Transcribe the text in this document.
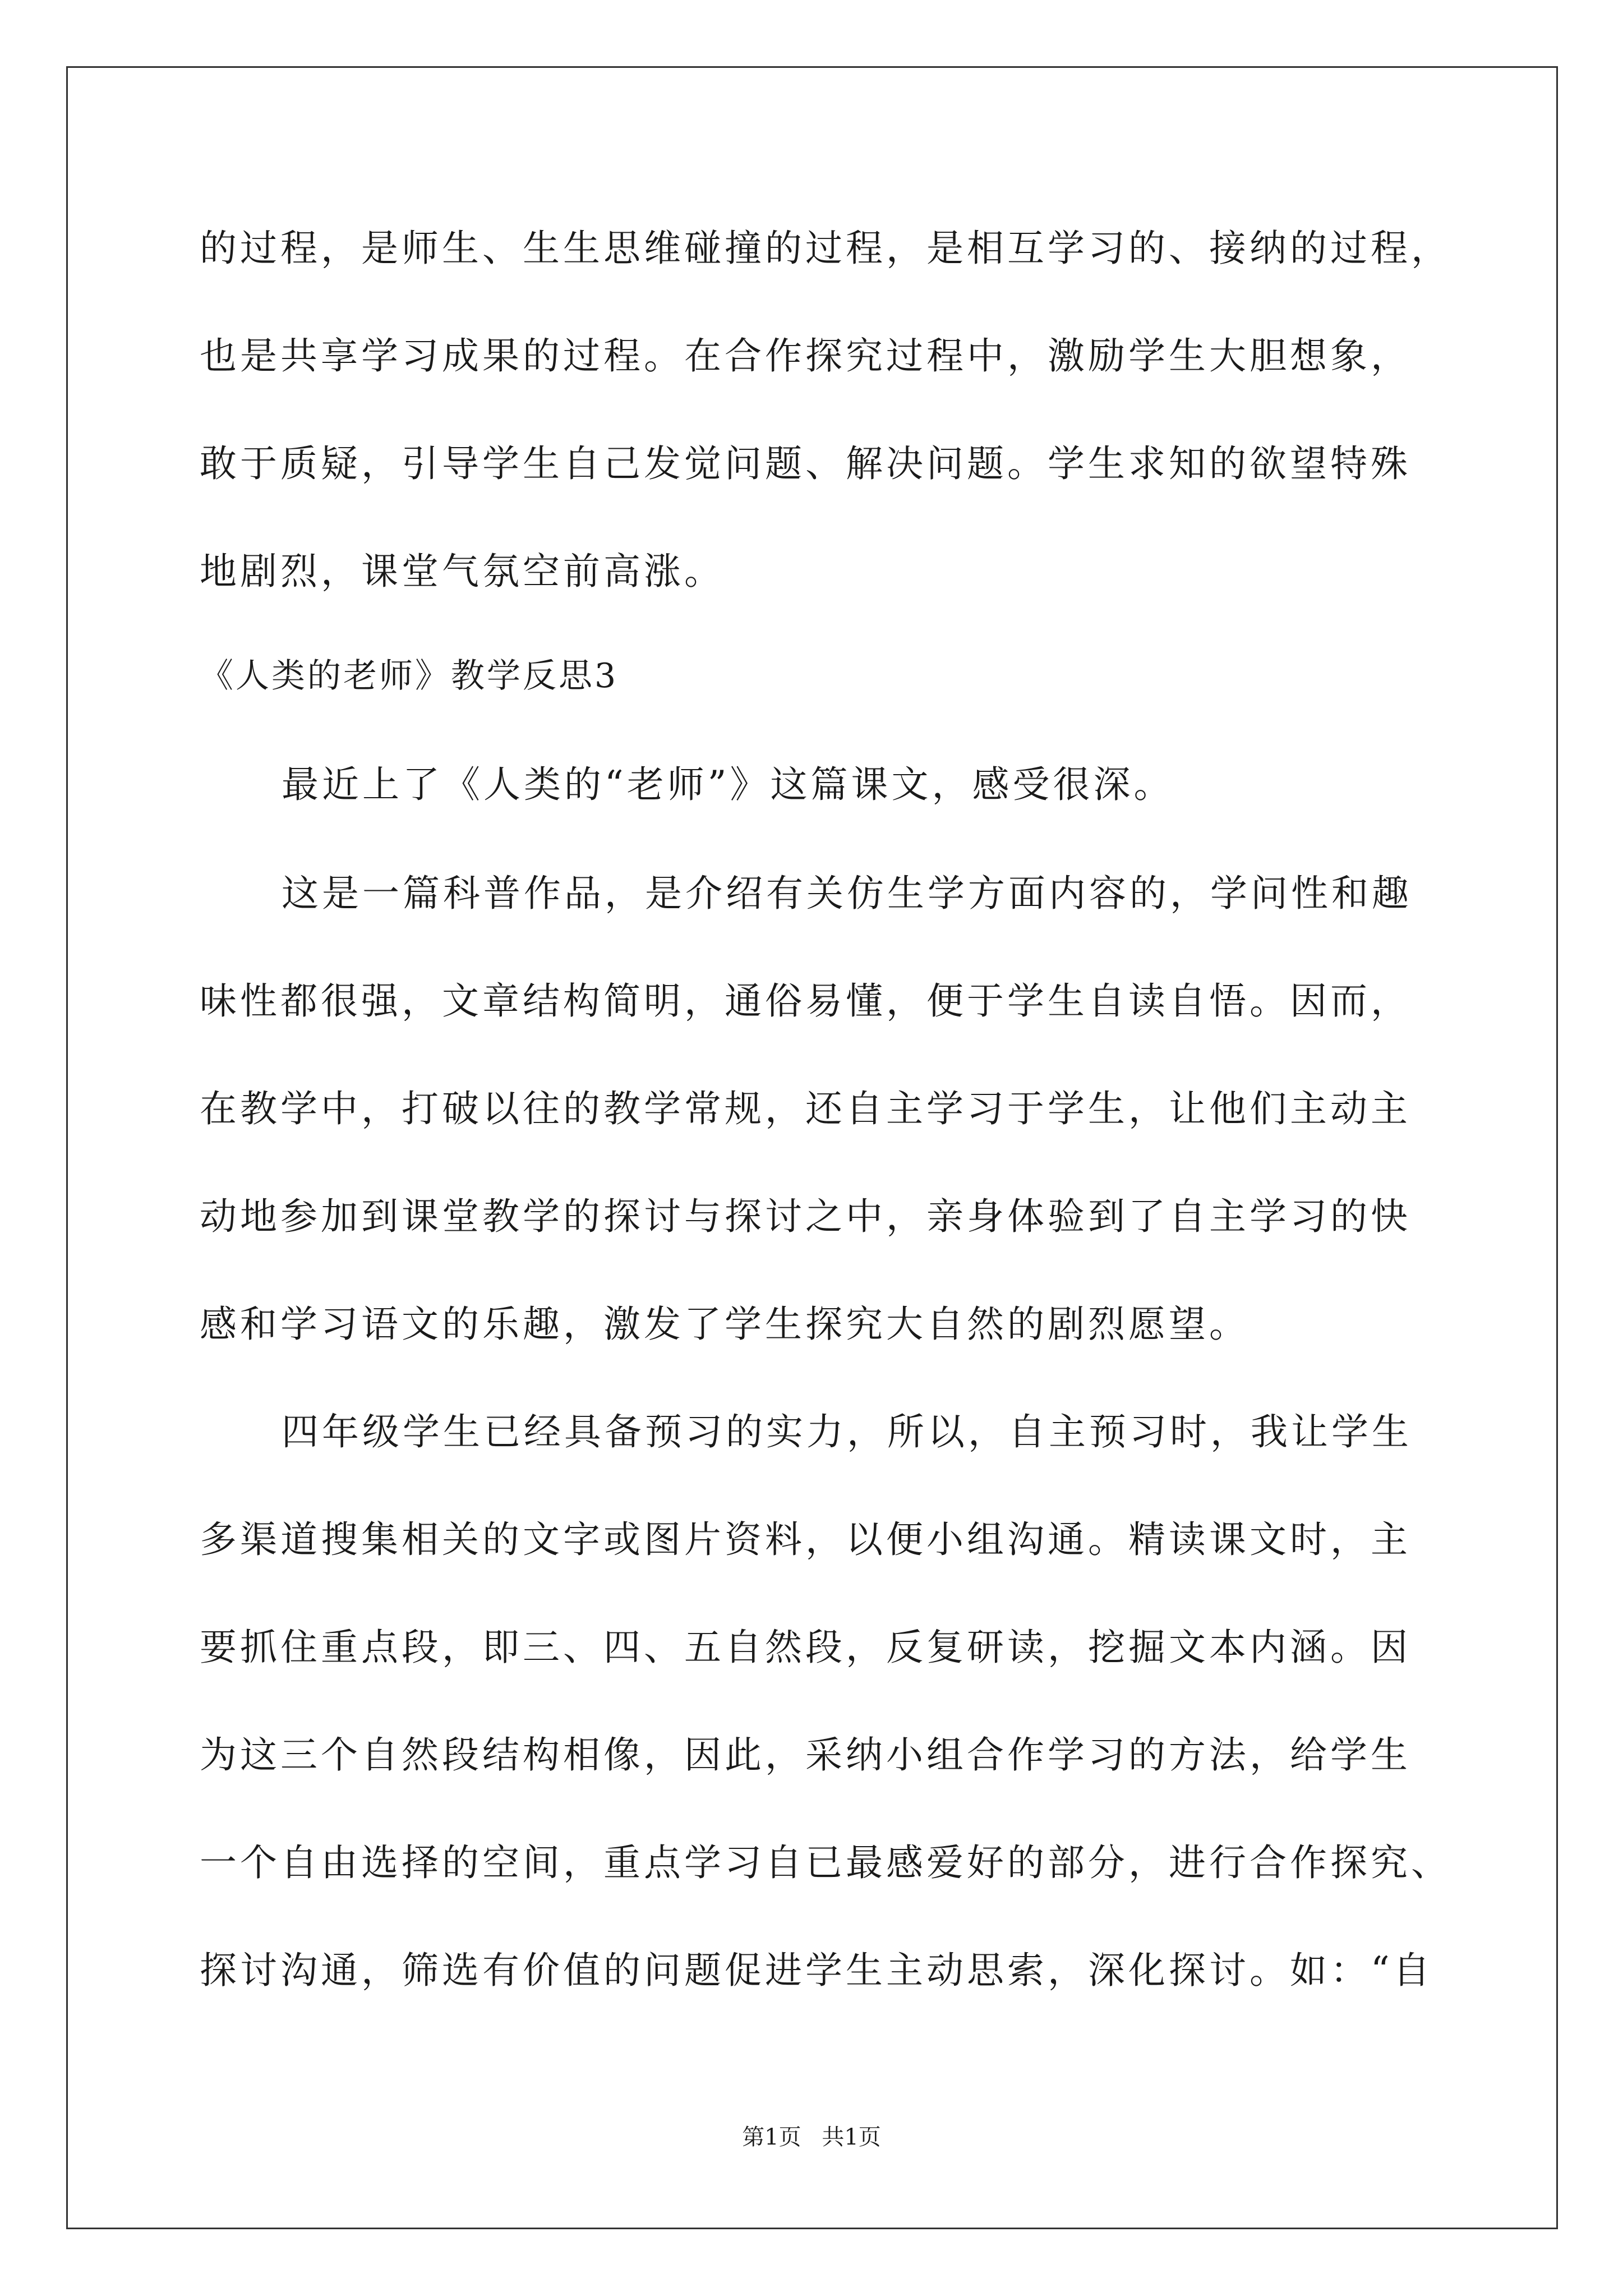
的过程，是师生、生生思维碰撞的过程，是相互学习的、接纳的过程，
也是共享学习成果的过程。在合作探究过程中，激励学生大胆想象，
敢于质疑，引导学生自己发觉问题、解决问题。学生求知的欲望特殊
地剧烈，课堂气氛空前高涨。
《人类的老师》教学反思3
最近上了《人类的“老师”》这篇课文，感受很深。
这是一篇科普作品，是介绍有关仿生学方面内容的，学问性和趣
味性都很强，文章结构简明，通俗易懂，便于学生自读自悟。因而，
在教学中，打破以往的教学常规，还自主学习于学生，让他们主动主
动地参加到课堂教学的探讨与探讨之中，亲身体验到了自主学习的快
感和学习语文的乐趣，激发了学生探究大自然的剧烈愿望。
四年级学生已经具备预习的实力，所以，自主预习时，我让学生
多渠道搜集相关的文字或图片资料，以便小组沟通。精读课文时，主
要抓住重点段，即三、四、五自然段，反复研读，挖掘文本内涵。因
为这三个自然段结构相像，因此，采纳小组合作学习的方法，给学生
一个自由选择的空间，重点学习自已最感爱好的部分，进行合作探究、
探讨沟通，筛选有价值的问题促进学生主动思索，深化探讨。如：“自
第1页 共1页
